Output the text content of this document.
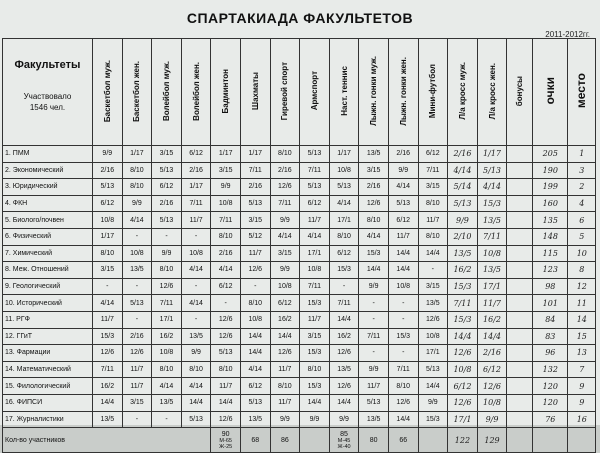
СПАРТАКИАДА ФАКУЛЬТЕТОВ
2011-2012гг.
Факультеты
Участвовало
1546 чел.	Баскетбол муж.	Баскетбол жен.	Волейбол муж.	Волейбол жен.	Бадминтон	Шахматы	Гиревой спорт	Армспорт	Наст. теннис	Лыжн. гонки муж.	Лыжн. гонки жен.	Мини-футбол	Л/а кросс муж.	Л/а кросс жен.	бонусы	очки	место
1. ПММ	9/9	1/17	3/15	6/12	1/17	1/17	8/10	5/13	1/17	13/5	2/16	6/12	2/16	1/17		205	1
2. Экономический	2/16	8/10	5/13	2/16	3/15	7/11	2/16	7/11	10/8	3/15	9/9	7/11	4/14	5/13		190	3
3. Юридический	5/13	8/10	6/12	1/17	9/9	2/16	12/6	5/13	5/13	2/16	4/14	3/15	5/14	4/14		199	2
4. ФКН	6/12	9/9	2/16	7/11	10/8	5/13	7/11	6/12	4/14	12/6	5/13	8/10	5/13	15/3		160	4
5. Биолого/почвен	10/8	4/14	5/13	11/7	7/11	3/15	9/9	11/7	17/1	8/10	6/12	11/7	9/9	13/5		135	6
6. Физический	1/17	-	-	-	8/10	5/12	4/14	4/14	8/10	4/14	11/7	8/10	2/10	7/11		148	5
7. Химический	8/10	10/8	9/9	10/8	2/16	11/7	3/15	17/1	6/12	15/3	14/4	14/4	13/5	10/8		115	10
8. Меж. Отношений	3/15	13/5	8/10	4/14	4/14	12/6	9/9	10/8	15/3	14/4	14/4	-	16/2	13/5		123	8
9. Геологический	-	-	12/6	-	6/12	-	10/8	7/11	-	9/9	10/8	3/15	15/3	17/1		98	12
10. Исторический	4/14	5/13	7/11	4/14	-	8/10	6/12	15/3	7/11	-	-	13/5	7/11	11/7		101	11
11. РГФ	11/7	-	17/1	-	12/6	10/8	16/2	11/7	14/4	-	-	12/6	15/3	16/2		84	14
12. ГГиТ	15/3	2/16	16/2	13/5	12/6	14/4	14/4	3/15	16/2	7/11	15/3	10/8	14/4	14/4		83	15
13. Фармации	12/6	12/6	10/8	9/9	5/13	14/4	12/6	15/3	12/6	-	-	17/1	12/6	2/16		96	13
14. Математический	7/11	11/7	8/10	8/10	8/10	4/14	11/7	8/10	13/5	9/9	7/11	5/13	10/8	6/12		132	7
15. Филологический	16/2	11/7	4/14	4/14	11/7	6/12	8/10	15/3	12/6	11/7	8/10	14/4	6/12	12/6		120	9
16. ФИПСИ	14/4	3/15	13/5	14/4	14/4	5/13	11/7	14/4	14/4	5/13	12/6	9/9	12/6	10/8		120	9
17. Журналистики	13/5	-	-	5/13	12/6	13/5	9/9	9/9	9/9	13/5	14/4	15/3	17/1	9/9		76	16
Кол-во участников					90
М-65
Ж-25	68	86		85
М-45
Ж-40	80	66		122	129			
